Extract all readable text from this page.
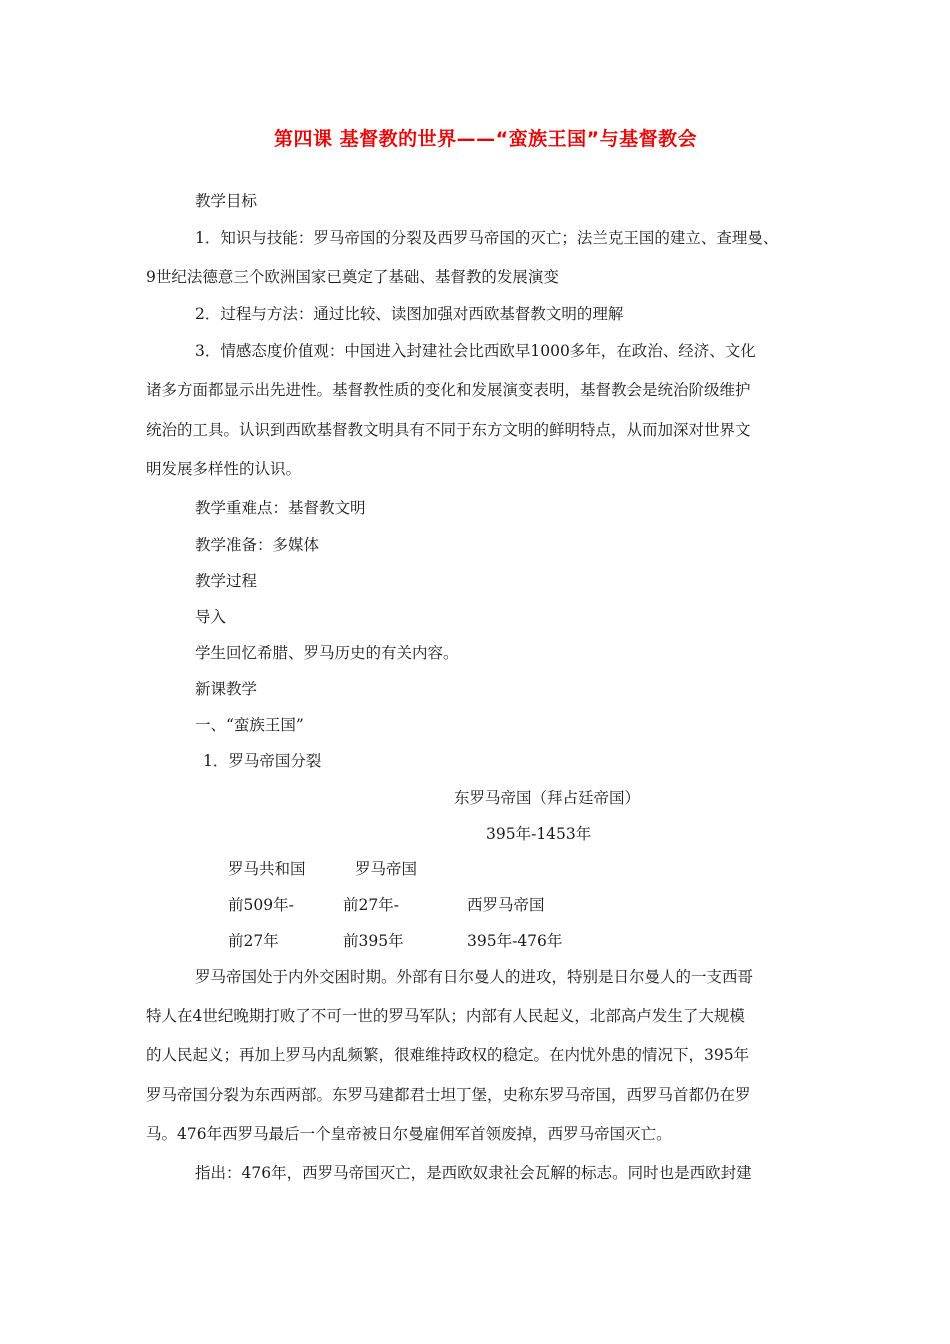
第四课 基督教的世界——“蛮族王国”与基督教会
教学目标
1．知识与技能：罗马帝国的分裂及西罗马帝国的灭亡；法兰克王国的建立、查理曼、
9世纪法德意三个欧洲国家已奠定了基础、基督教的发展演变
2．过程与方法：通过比较、读图加强对西欧基督教文明的理解
3．情感态度价值观：中国进入封建社会比西欧早1000多年，在政治、经济、文化
诸多方面都显示出先进性。基督教性质的变化和发展演变表明，基督教会是统治阶级维护
统治的工具。认识到西欧基督教文明具有不同于东方文明的鲜明特点，从而加深对世界文
明发展多样性的认识。
教学重难点：基督教文明
教学准备：多媒体
教学过程
导入
学生回忆希腊、罗马历史的有关内容。
新课教学
一、“蛮族王国”
1．罗马帝国分裂
东罗马帝国（拜占廷帝国）
395年-1453年
罗马共和国	罗马帝国
前509年-	前27年-	西罗马帝国
前27年	前395年	395年-476年
罗马帝国处于内外交困时期。外部有日尔曼人的进攻，特别是日尔曼人的一支西哥
特人在4世纪晚期打败了不可一世的罗马军队；内部有人民起义，北部高卢发生了大规模
的人民起义；再加上罗马内乱频繁，很难维持政权的稳定。在内忧外患的情况下，395年
罗马帝国分裂为东西两部。东罗马建都君士坦丁堡，史称东罗马帝国，西罗马首都仍在罗
马。476年西罗马最后一个皇帝被日尔曼雇佣军首领废掉，西罗马帝国灭亡。
指出：476年，西罗马帝国灭亡，是西欧奴隶社会瓦解的标志。同时也是西欧封建
